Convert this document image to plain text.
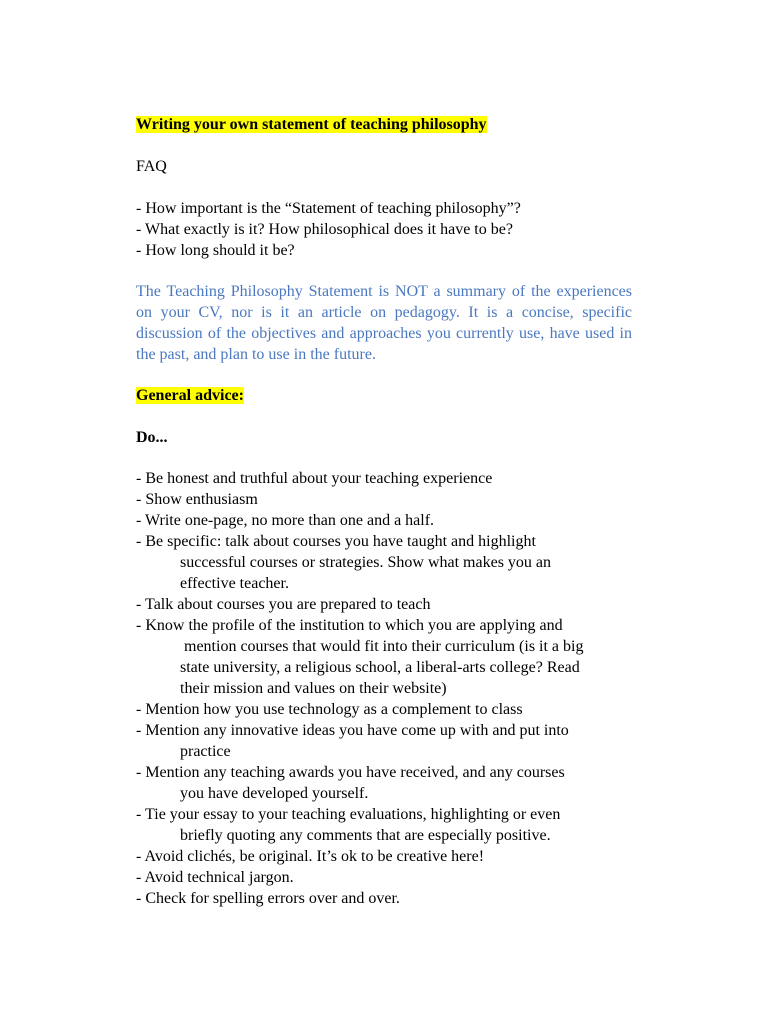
Writing your own statement of teaching philosophy
FAQ
- How important is the “Statement of teaching philosophy”?
- What exactly is it? How philosophical does it have to be?
- How long should it be?
The Teaching Philosophy Statement is NOT a summary of the experiences on your CV, nor is it an article on pedagogy. It is a concise, specific discussion of the objectives and approaches you currently use, have used in the past, and plan to use in the future.
General advice:
Do...
- Be honest and truthful about your teaching experience
- Show enthusiasm
- Write one-page, no more than one and a half.
- Be specific: talk about courses you have taught and highlight
successful courses or strategies. Show what makes you an
effective teacher.
- Talk about courses you are prepared to teach
- Know the profile of the institution to which you are applying and
mention courses that would fit into their curriculum (is it a big
state university, a religious school, a liberal-arts college? Read
their mission and values on their website)
- Mention how you use technology as a complement to class
- Mention any innovative ideas you have come up with and put into
practice
- Mention any teaching awards you have received, and any courses
you have developed yourself.
- Tie your essay to your teaching evaluations, highlighting or even
briefly quoting any comments that are especially positive.
- Avoid clichés, be original. It’s ok to be creative here!
- Avoid technical jargon.
- Check for spelling errors over and over.
